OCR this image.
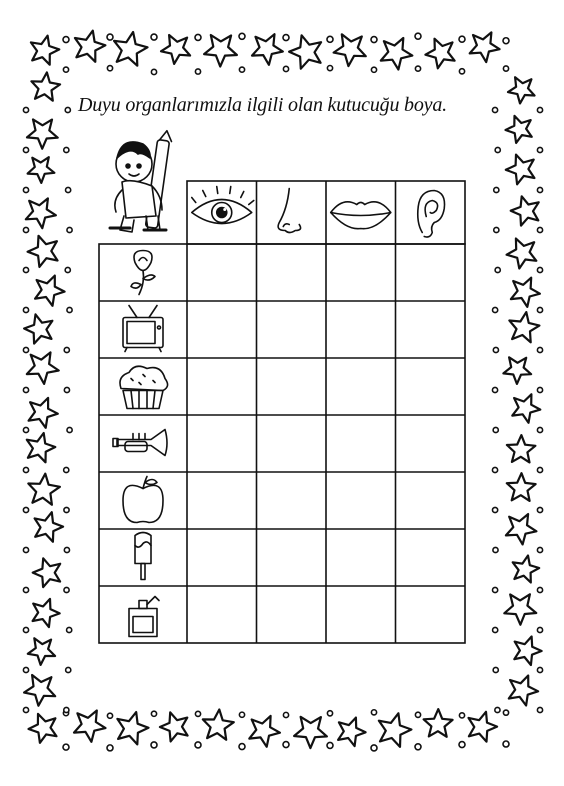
Duyu organlarımızla ilgili olan kutucuğu boya.
